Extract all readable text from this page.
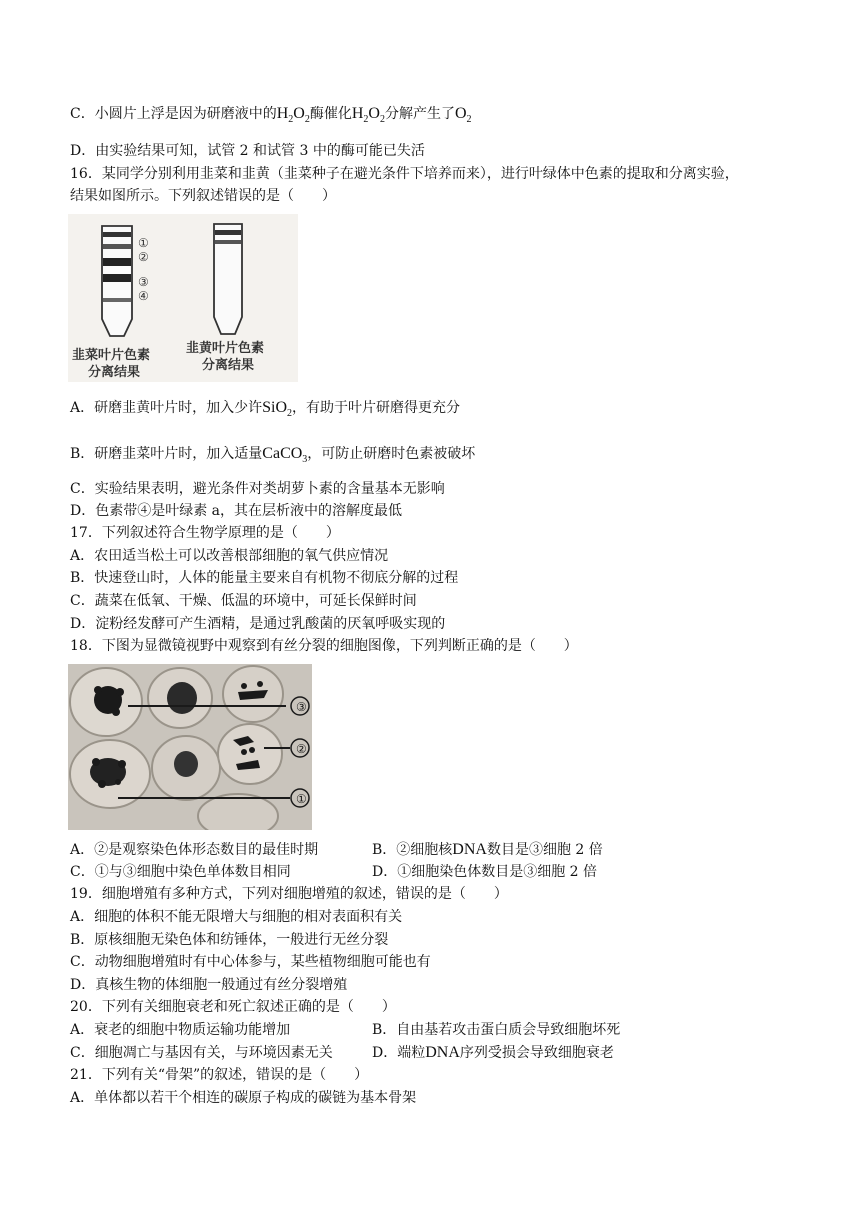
C．小圆片上浮是因为研磨液中的$H_2O_2$酶催化$H_2O_2$分解产生了$O_2$
D．由实验结果可知，试管 2 和试管 3 中的酶可能已失活
16．某同学分别利用韭菜和韭黄（韭菜种子在避光条件下培养而来），进行叶绿体中色素的提取和分离实验，
结果如图所示。下列叙述错误的是（　　）
①
②
③
④
韭菜叶片色素
分离结果
韭黄叶片色素
分离结果
A．研磨韭黄叶片时，加入少许SiO$_2$，有助于叶片研磨得更充分
B．研磨韭菜叶片时，加入适量CaCO$_3$，可防止研磨时色素被破坏
C．实验结果表明，避光条件对类胡萝卜素的含量基本无影响
D．色素带④是叶绿素 a，其在层析液中的溶解度最低
17．下列叙述符合生物学原理的是（　　）
A．农田适当松土可以改善根部细胞的氧气供应情况
B．快速登山时，人体的能量主要来自有机物不彻底分解的过程
C．蔬菜在低氧、干燥、低温的环境中，可延长保鲜时间
D．淀粉经发酵可产生酒精，是通过乳酸菌的厌氧呼吸实现的
18．下图为显微镜视野中观察到有丝分裂的细胞图像，下列判断正确的是（　　）
③
②
①
A．②是观察染色体形态数目的最佳时期	B．②细胞核DNA数目是③细胞 2 倍
C．①与③细胞中染色单体数目相同	D．①细胞染色体数目是③细胞 2 倍
19．细胞增殖有多种方式，下列对细胞增殖的叙述，错误的是（　　）
A．细胞的体积不能无限增大与细胞的相对表面积有关
B．原核细胞无染色体和纺锤体，一般进行无丝分裂
C．动物细胞增殖时有中心体参与，某些植物细胞可能也有
D．真核生物的体细胞一般通过有丝分裂增殖
20．下列有关细胞衰老和死亡叙述正确的是（　　）
A．衰老的细胞中物质运输功能增加	B．自由基若攻击蛋白质会导致细胞坏死
C．细胞凋亡与基因有关，与环境因素无关	D．端粒DNA序列受损会导致细胞衰老
21．下列有关“骨架”的叙述，错误的是（　　）
A．单体都以若干个相连的碳原子构成的碳链为基本骨架
